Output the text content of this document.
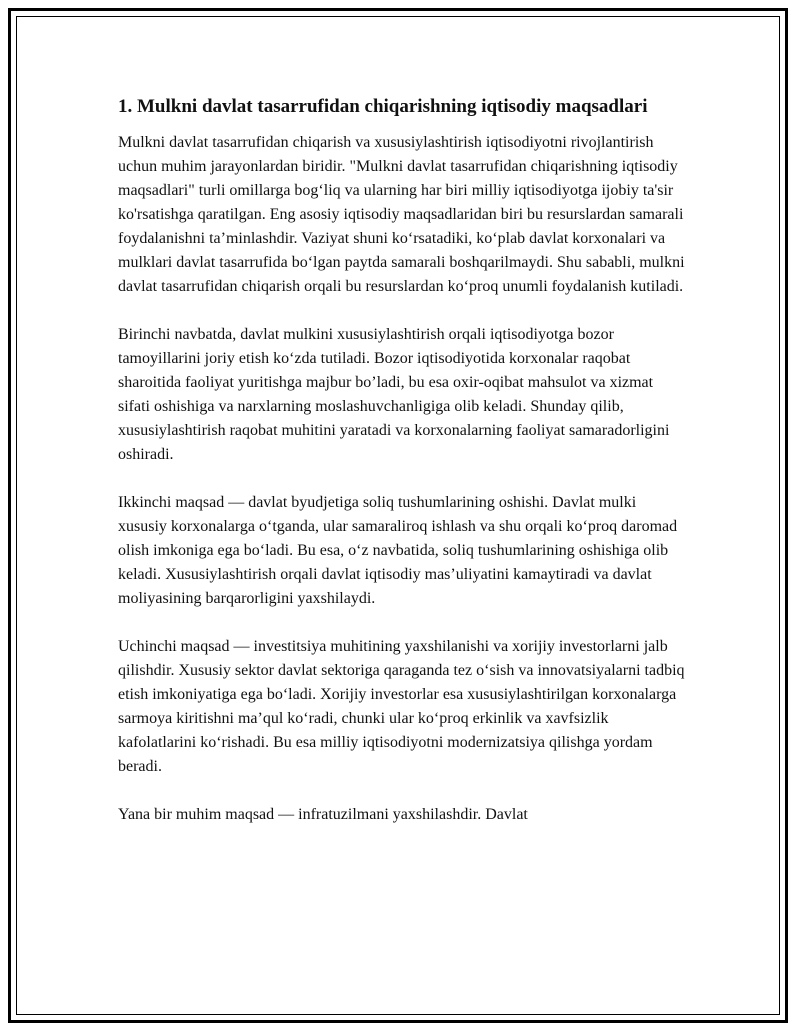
1. Mulkni davlat tasarrufidan chiqarishning iqtisodiy maqsadlari

Mulkni davlat tasarrufidan chiqarish va xususiylashtirish iqtisodiyotni rivojlantirish uchun muhim jarayonlardan biridir. "Mulkni davlat tasarrufidan chiqarishning iqtisodiy maqsadlari" turli omillarga bog‘liq va ularning har biri milliy iqtisodiyotga ijobiy ta'sir ko'rsatishga qaratilgan. Eng asosiy iqtisodiy maqsadlaridan biri bu resurslardan samarali foydalanishni ta’minlashdir. Vaziyat shuni ko‘rsatadiki, ko‘plab davlat korxonalari va mulklari davlat tasarrufida bo‘lgan paytda samarali boshqarilmaydi. Shu sababli, mulkni davlat tasarrufidan chiqarish orqali bu resurslardan ko‘proq unumli foydalanish kutiladi.

Birinchi navbatda, davlat mulkini xususiylashtirish orqali iqtisodiyotga bozor tamoyillarini joriy etish ko‘zda tutiladi. Bozor iqtisodiyotida korxonalar raqobat sharoitida faoliyat yuritishga majbur bo’ladi, bu esa oxir-oqibat mahsulot va xizmat sifati oshishiga va narxlarning moslashuvchanligiga olib keladi. Shunday qilib, xususiylashtirish raqobat muhitini yaratadi va korxonalarning faoliyat samaradorligini oshiradi.

Ikkinchi maqsad — davlat byudjetiga soliq tushumlarining oshishi. Davlat mulki xususiy korxonalarga o‘tganda, ular samaraliroq ishlash va shu orqali ko‘proq daromad olish imkoniga ega bo‘ladi. Bu esa, o‘z navbatida, soliq tushumlarining oshishiga olib keladi. Xususiylashtirish orqali davlat iqtisodiy mas’uliyatini kamaytiradi va davlat moliyasining barqarorligini yaxshilaydi.

Uchinchi maqsad — investitsiya muhitining yaxshilanishi va xorijiy investorlarni jalb qilishdir. Xususiy sektor davlat sektoriga qaraganda tez o‘sish va innovatsiyalarni tadbiq etish imkoniyatiga ega bo‘ladi. Xorijiy investorlar esa xususiylashtirilgan korxonalarga sarmoya kiritishni ma’qul ko‘radi, chunki ular ko‘proq erkinlik va xavfsizlik kafolatlarini ko‘rishadi. Bu esa milliy iqtisodiyotni modernizatsiya qilishga yordam beradi.

Yana bir muhim maqsad — infratuzilmani yaxshilashdir. Davlat
